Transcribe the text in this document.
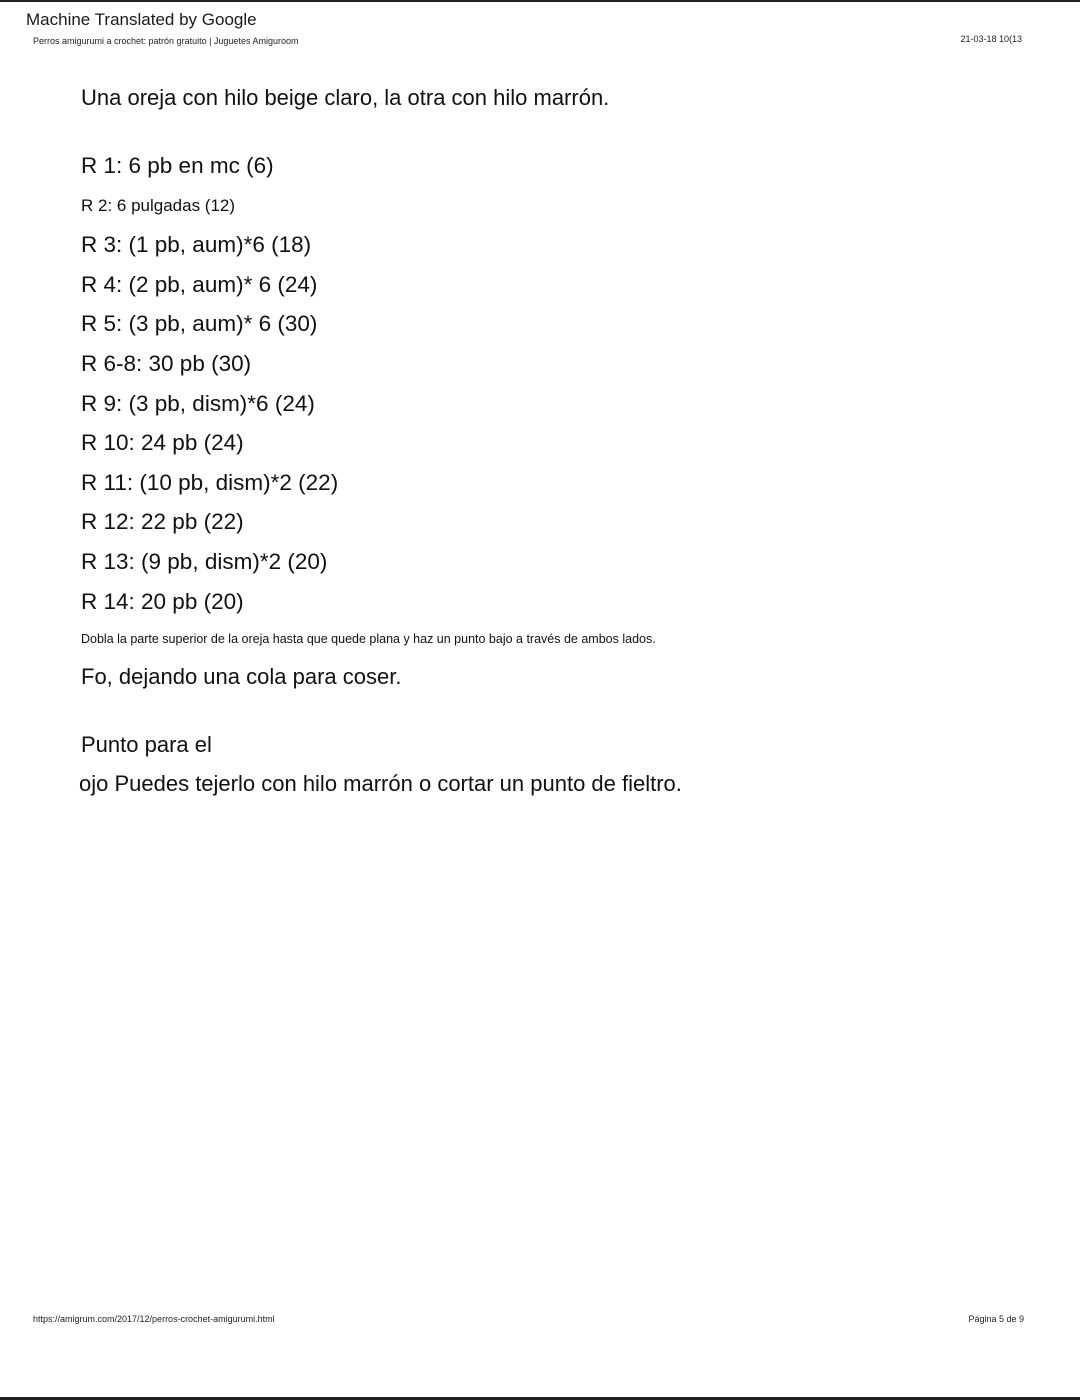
Machine Translated by Google
Perros amigurumi a crochet: patrón gratuito | Juguetes Amiguroom	21-03-18 10(13

Una oreja con hilo beige claro, la otra con hilo marrón.

R 1: 6 pb en mc (6)
R 2: 6 pulgadas (12)
R 3: (1 pb, aum)*6 (18)
R 4: (2 pb, aum)* 6 (24)
R 5: (3 pb, aum)* 6 (30)
R 6-8: 30 pb (30)
R 9: (3 pb, dism)*6 (24)
R 10: 24 pb (24)
R 11: (10 pb, dism)*2 (22)
R 12: 22 pb (22)
R 13: (9 pb, dism)*2 (20)
R 14: 20 pb (20)

Dobla la parte superior de la oreja hasta que quede plana y haz un punto bajo a través de ambos lados.

Fo, dejando una cola para coser.

Punto para el

ojo Puedes tejerlo con hilo marrón o cortar un punto de fieltro.

https://amigrum.com/2017/12/perros-crochet-amigurumi.html	Página 5 de 9
